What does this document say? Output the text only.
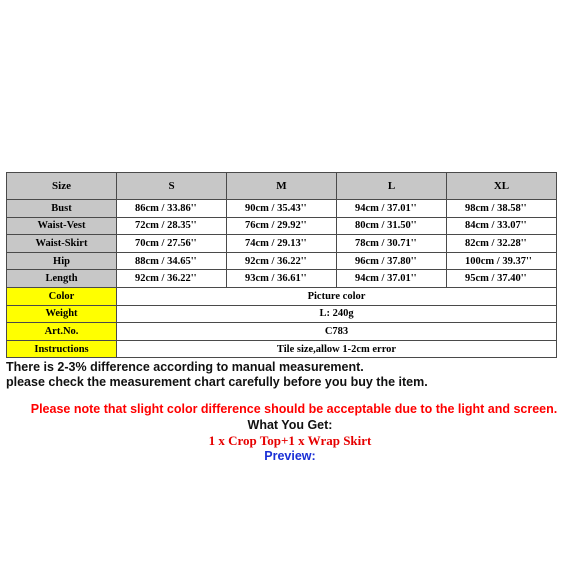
Size	S	M	L	XL
Bust	86cm / 33.86''	90cm / 35.43''	94cm / 37.01''	98cm / 38.58''
Waist-Vest	72cm / 28.35''	76cm / 29.92''	80cm / 31.50''	84cm / 33.07''
Waist-Skirt	70cm / 27.56''	74cm / 29.13''	78cm / 30.71''	82cm / 32.28''
Hip	88cm / 34.65''	92cm / 36.22''	96cm / 37.80''	100cm / 39.37''
Length	92cm / 36.22''	93cm / 36.61''	94cm / 37.01''	95cm / 37.40''
Color	Picture color			
Weight	L: 240g			
Art.No.	C783			
Instructions	Tile size,allow 1-2cm error			
There is 2-3% difference according to manual measurement.
please check the measurement chart carefully before you buy the item.
Please note that slight color difference should be acceptable due to the light and screen.
What You Get:
1 x Crop Top+1 x Wrap Skirt
Preview:
